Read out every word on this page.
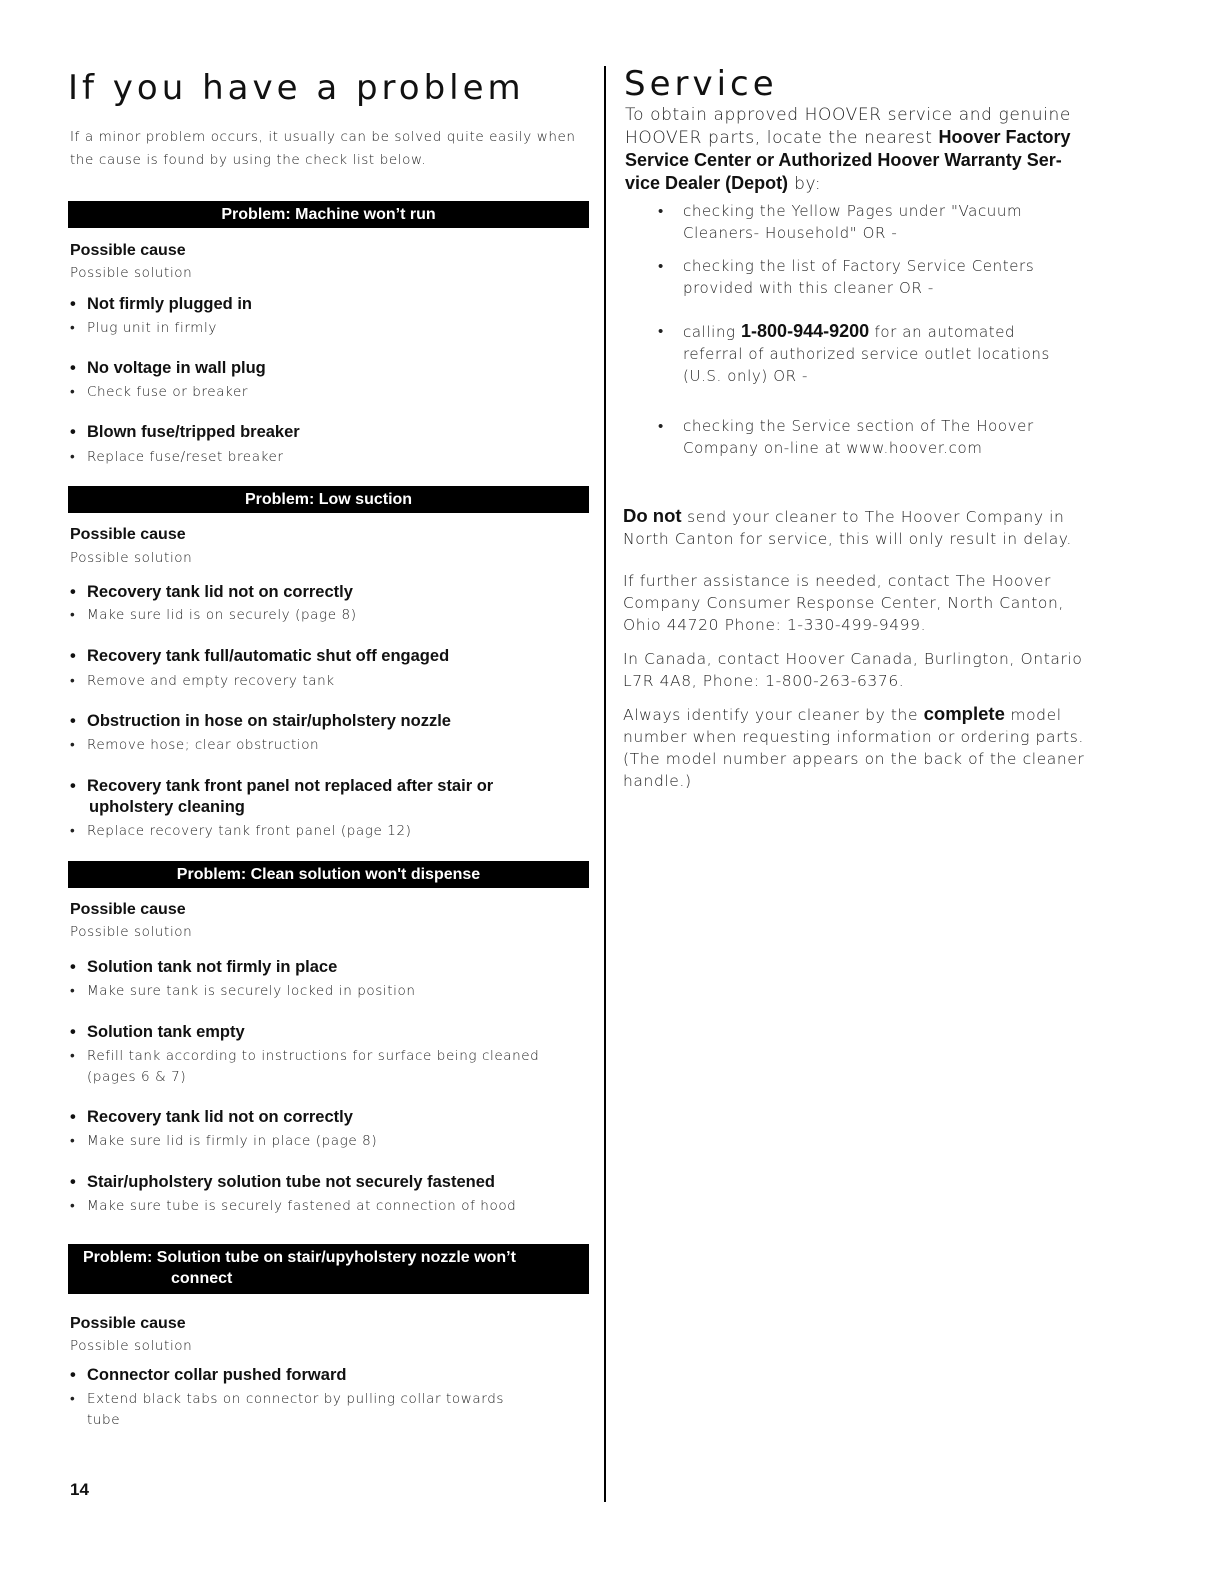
If you have a problem
If a minor problem occurs, it usually can be solved quite easily when the cause is found by using the check list below.
Problem: Machine won’t run
Possible cause
Possible solution
• Not firmly plugged in
• Plug unit in firmly
• No voltage in wall plug
• Check fuse or breaker
• Blown fuse/tripped breaker
• Replace fuse/reset breaker
Problem: Low suction
Possible cause
Possible solution
• Recovery tank lid not on correctly
• Make sure lid is on securely (page 8)
• Recovery tank full/automatic shut off engaged
• Remove and empty recovery tank
• Obstruction in hose on stair/upholstery nozzle
• Remove hose; clear obstruction
• Recovery tank front panel not replaced after stair or
upholstery cleaning
• Replace recovery tank front panel (page 12)
Problem: Clean solution won't dispense
Possible cause
Possible solution
• Solution tank not firmly in place
• Make sure tank is securely locked in position
• Solution tank empty
• Refill tank according to instructions for surface being cleaned
(pages 6 & 7)
• Recovery tank lid not on correctly
• Make sure lid is firmly in place (page 8)
• Stair/upholstery solution tube not securely fastened
• Make sure tube is securely fastened at connection of hood
Problem: Solution tube on stair/upyholstery nozzle won’t
connect
Possible cause
Possible solution
• Connector collar pushed forward
• Extend black tabs on connector by pulling collar towards
tube
14
Service
To obtain approved HOOVER service and genuine
HOOVER parts, locate the nearest Hoover Factory
Service Center or Authorized Hoover Warranty Ser-
vice Dealer (Depot) by:
•	checking the Yellow Pages under "Vacuum
Cleaners- Household" OR -
•	checking the list of Factory Service Centers
provided with this cleaner OR -
•	calling 1-800-944-9200 for an automated
referral of authorized service outlet locations
(U.S. only) OR -
•	checking the Service section of The Hoover
Company on-line at www.hoover.com
Do not send your cleaner to The Hoover Company in
North Canton for service, this will only result in delay.
If further assistance is needed, contact The Hoover
Company Consumer Response Center, North Canton,
Ohio 44720 Phone: 1-330-499-9499.
In Canada, contact Hoover Canada, Burlington, Ontario
L7R 4A8, Phone: 1-800-263-6376.
Always identify your cleaner by the complete model
number when requesting information or ordering parts.
(The model number appears on the back of the cleaner
handle.)
